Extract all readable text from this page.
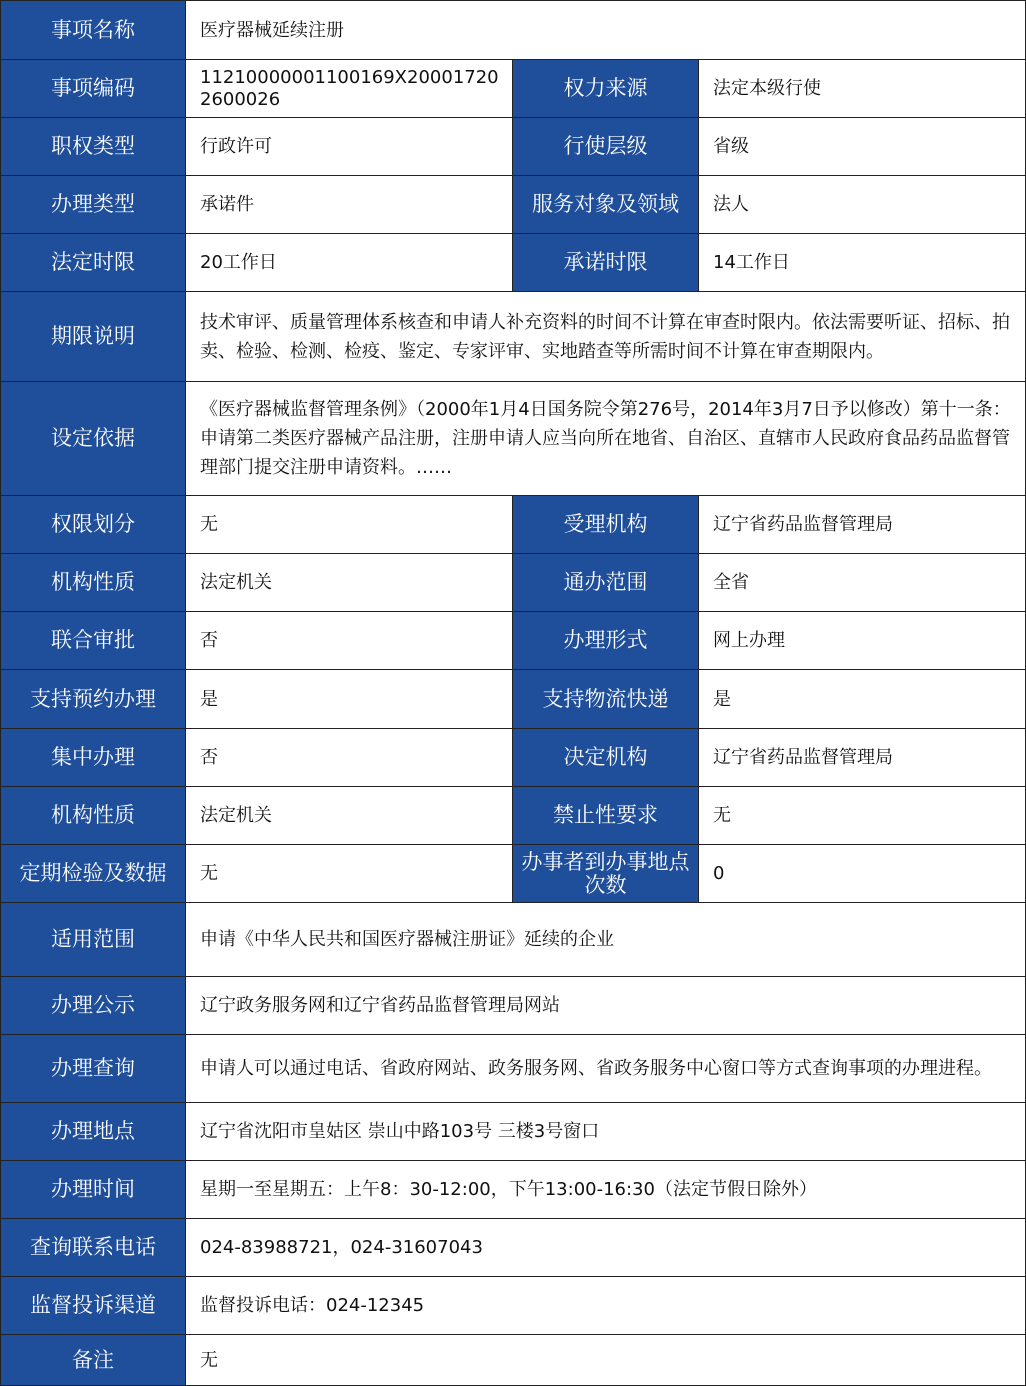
事项名称	医疗器械延续注册
事项编码	11210000001100169X200017202600026	权力来源	法定本级行使
职权类型	行政许可	行使层级	省级
办理类型	承诺件	服务对象及领域 法人
法定时限	20工作日	承诺时限	14工作日
期限说明
技术审评、质量管理体系核查和申请人补充资料的时间不计算在审查时限内。依法需要听证、招标、拍卖、检验、检测、检疫、鉴定、专家评审、实地踏查等所需时间不计算在审查期限内。
设定依据
《医疗器械监督管理条例》（2000年1月4日国务院令第276号，2014年3月7日予以修改）第十一条：申请第二类医疗器械产品注册，注册申请人应当向所在地省、自治区、直辖市人民政府食品药品监督管理部门提交注册申请资料。……
权限划分	无	受理机构	辽宁省药品监督管理局
机构性质	法定机关	通办范围	全省
联合审批	否	办理形式	网上办理
支持预约办理 是	支持物流快递 是
集中办理	否	决定机构	辽宁省药品监督管理局
机构性质	法定机关	禁止性要求	无
定期检验及数据 无	办事者到办事地点次数	0
适用范围	申请《中华人民共和国医疗器械注册证》延续的企业
办理公示	辽宁政务服务网和辽宁省药品监督管理局网站
办理查询	申请人可以通过电话、省政府网站、政务服务网、省政务服务中心窗口等方式查询事项的办理进程。
办理地点	辽宁省沈阳市皇姑区 崇山中路103号 三楼3号窗口
办理时间	星期一至星期五：上午8：30-12:00，下午13:00-16:30（法定节假日除外）
查询联系电话 024-83988721，024-31607043
监督投诉渠道 监督投诉电话：024-12345
备注	无
